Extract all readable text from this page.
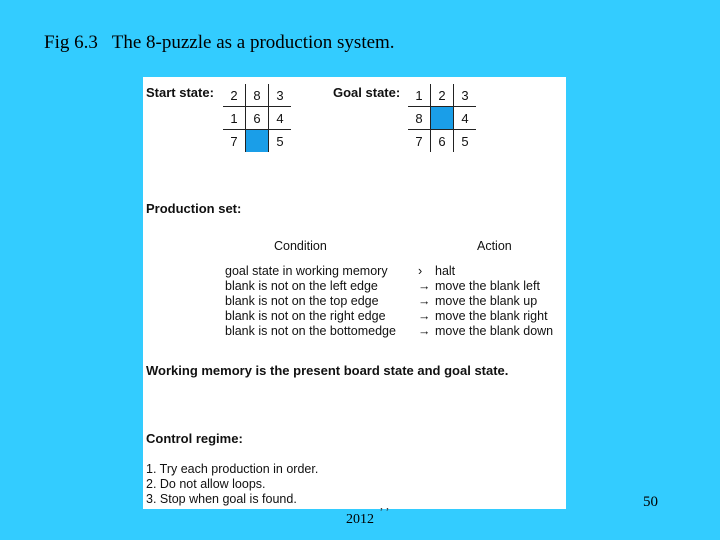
Fig 6.3   The 8-puzzle as a production system.
Start state: 2	8	3
1	6	4
7		5
Goal state: 1	2	3
8		4
7	6	5
Production set:
Condition	Action
goal state in working memory › halt
blank is not on the left edge	→ move the blank left
blank is not on the top edge	→ move the blank up
blank is not on the right edge	→ move the blank right
blank is not on the bottomedge → move the blank down
Working memory is the present board state and goal state.
Control regime:
1. Try each production in order.
2. Do not allow loops.
3. Stop when goal is found.	, ,
2012
50
